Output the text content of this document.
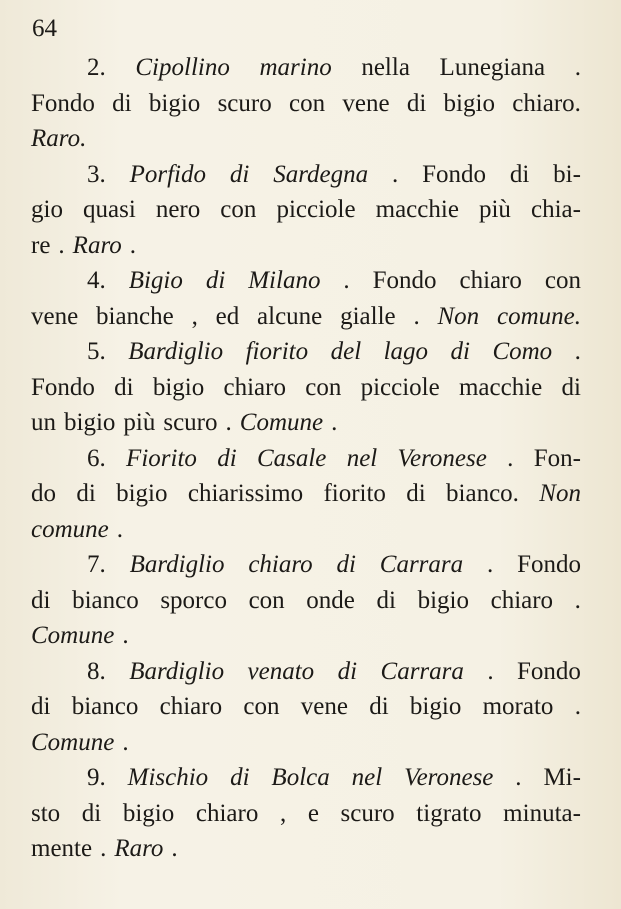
64
2. Cipollino marino nella Lunegiana .
Fondo di bigio scuro con vene di bigio chiaro.
Raro.
3. Porfido di Sardegna . Fondo di bi-
gio quasi nero con picciole macchie più chia-
re . Raro .
4. Bigio di Milano . Fondo chiaro con
vene bianche , ed alcune gialle . Non comune.
5. Bardiglio fiorito del lago di Como .
Fondo di bigio chiaro con picciole macchie di
un bigio più scuro . Comune .
6. Fiorito di Casale nel Veronese . Fon-
do di bigio chiarissimo fiorito di bianco. Non
comune .
7. Bardiglio chiaro di Carrara . Fondo
di bianco sporco con onde di bigio chiaro .
Comune .
8. Bardiglio venato di Carrara . Fondo
di bianco chiaro con vene di bigio morato .
Comune .
9. Mischio di Bolca nel Veronese . Mi-
sto di bigio chiaro , e scuro tigrato minuta-
mente . Raro .
